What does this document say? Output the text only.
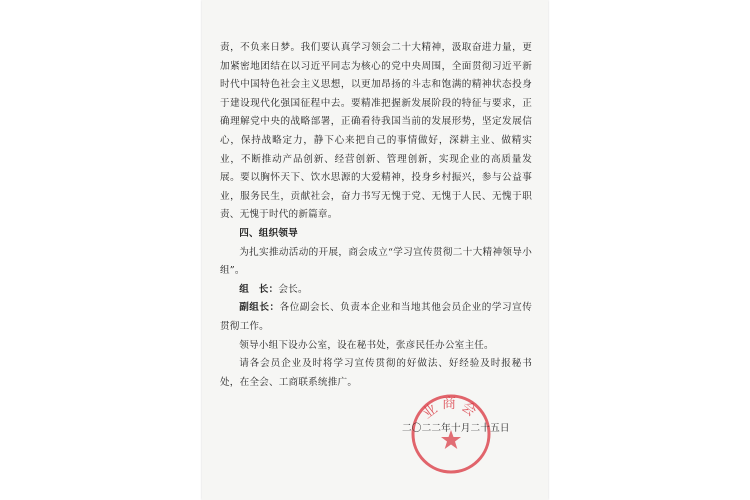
责，不负来日梦。我们要认真学习领会二十大精神，汲取奋进力量，更加紧密地团结在以习近平同志为核心的党中央周围，全面贯彻习近平新时代中国特色社会主义思想，以更加昂扬的斗志和饱满的精神状态投身于建设现代化强国征程中去。要精准把握新发展阶段的特征与要求，正确理解党中央的战略部署，正确看待我国当前的发展形势，坚定发展信心，保持战略定力，静下心来把自己的事情做好，深耕主业、做精实业，不断推动产品创新、经营创新、管理创新，实现企业的高质量发展。要以胸怀天下、饮水思源的大爱精神，投身乡村振兴，参与公益事业，服务民生，贡献社会，奋力书写无愧于党、无愧于人民、无愧于职责、无愧于时代的新篇章。

四、组织领导

为扎实推动活动的开展，商会成立“学习宣传贯彻二十大精神领导小组”。

组　长：会长。

副组长：各位副会长、负责本企业和当地其他会员企业的学习宣传贯彻工作。

领导小组下设办公室，设在秘书处，张彦民任办公室主任。

请各会员企业及时将学习宣传贯彻的好做法、好经验及时报秘书处，在全会、工商联系统推广。

业商会
二〇二二年十月二十五日
